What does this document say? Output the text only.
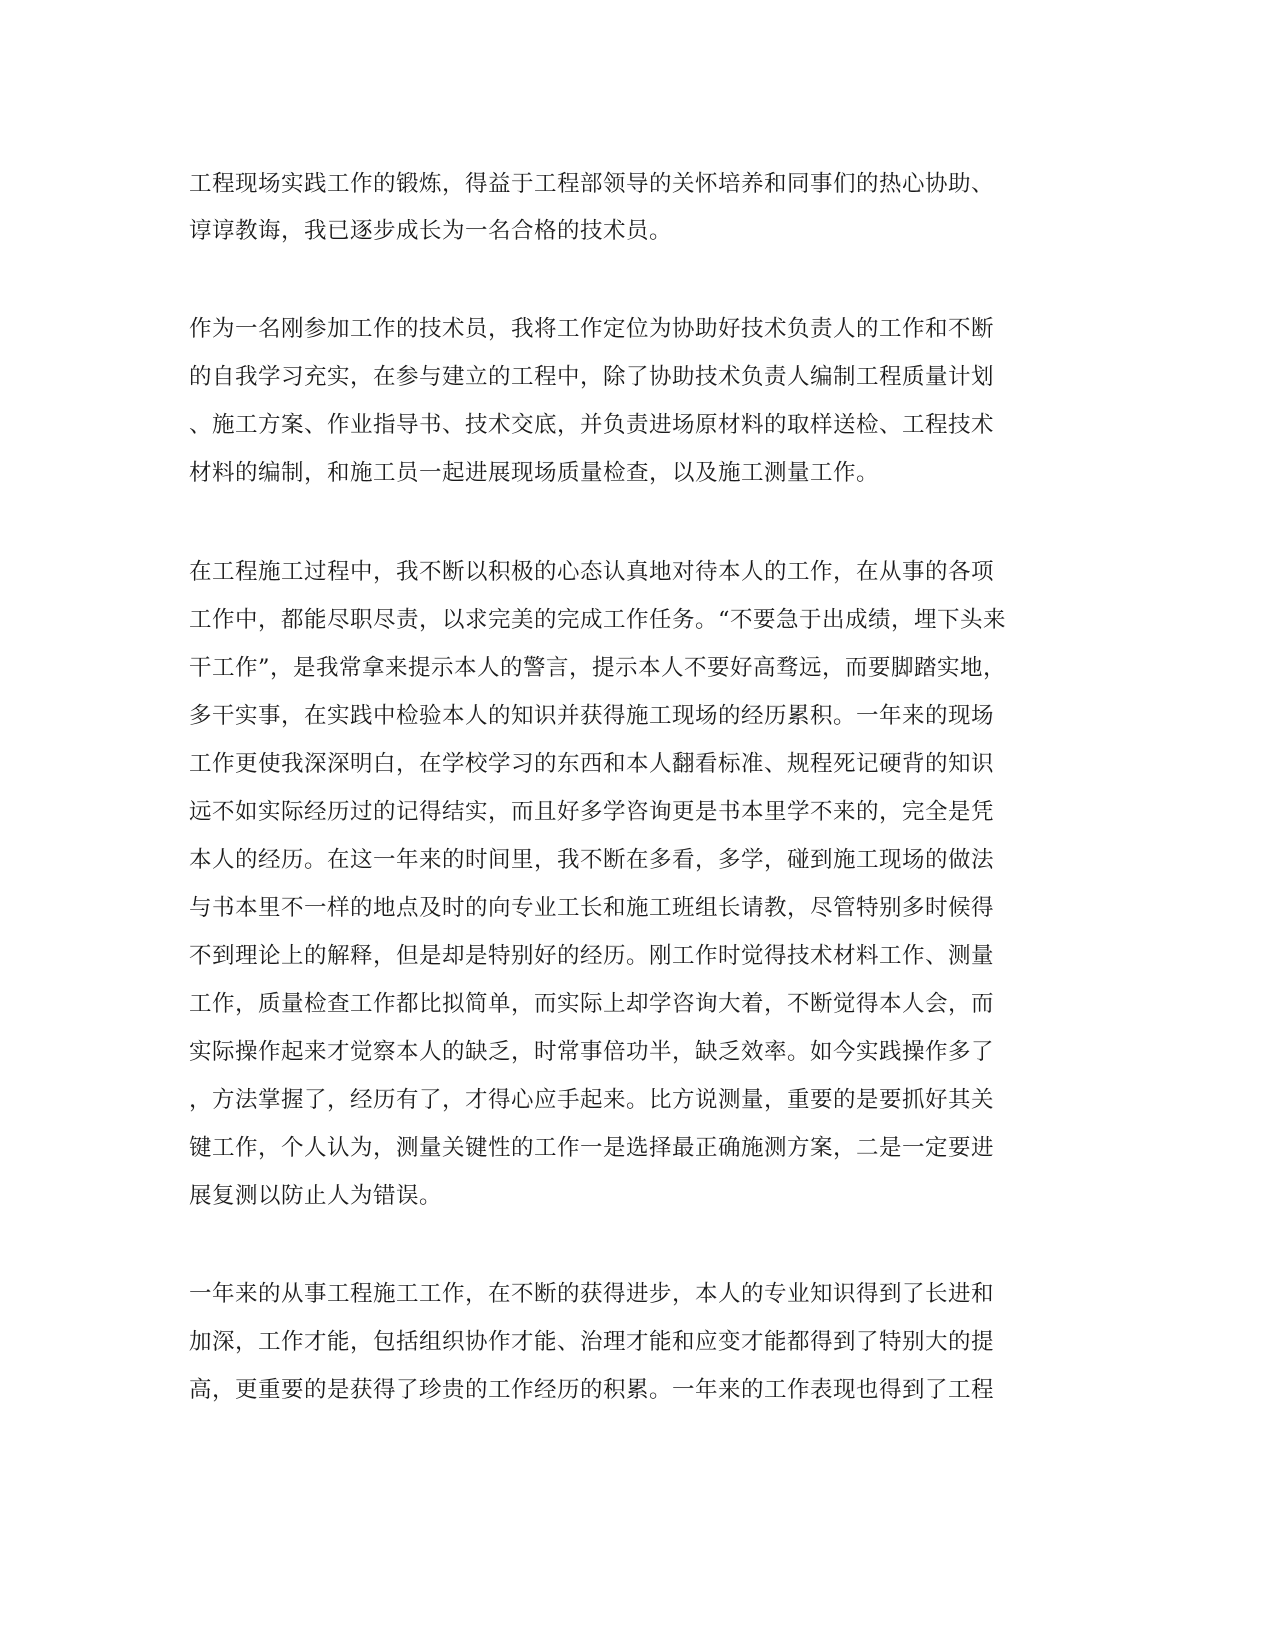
工程现场实践工作的锻炼，得益于工程部领导的关怀培养和同事们的热心协助、
谆谆教诲，我已逐步成长为一名合格的技术员。
作为一名刚参加工作的技术员，我将工作定位为协助好技术负责人的工作和不断
的自我学习充实，在参与建立的工程中，除了协助技术负责人编制工程质量计划
、施工方案、作业指导书、技术交底，并负责进场原材料的取样送检、工程技术
材料的编制，和施工员一起进展现场质量检查，以及施工测量工作。
在工程施工过程中，我不断以积极的心态认真地对待本人的工作，在从事的各项
工作中，都能尽职尽责，以求完美的完成工作任务。“不要急于出成绩，埋下头来
干工作”，是我常拿来提示本人的警言，提示本人不要好高骛远，而要脚踏实地，
多干实事，在实践中检验本人的知识并获得施工现场的经历累积。一年来的现场
工作更使我深深明白，在学校学习的东西和本人翻看标准、规程死记硬背的知识
远不如实际经历过的记得结实，而且好多学咨询更是书本里学不来的，完全是凭
本人的经历。在这一年来的时间里，我不断在多看，多学，碰到施工现场的做法
与书本里不一样的地点及时的向专业工长和施工班组长请教，尽管特别多时候得
不到理论上的解释，但是却是特别好的经历。刚工作时觉得技术材料工作、测量
工作，质量检查工作都比拟简单，而实际上却学咨询大着，不断觉得本人会，而
实际操作起来才觉察本人的缺乏，时常事倍功半，缺乏效率。如今实践操作多了
，方法掌握了，经历有了，才得心应手起来。比方说测量，重要的是要抓好其关
键工作，个人认为，测量关键性的工作一是选择最正确施测方案，二是一定要进
展复测以防止人为错误。
一年来的从事工程施工工作，在不断的获得进步，本人的专业知识得到了长进和
加深，工作才能，包括组织协作才能、治理才能和应变才能都得到了特别大的提
高，更重要的是获得了珍贵的工作经历的积累。一年来的工作表现也得到了工程
